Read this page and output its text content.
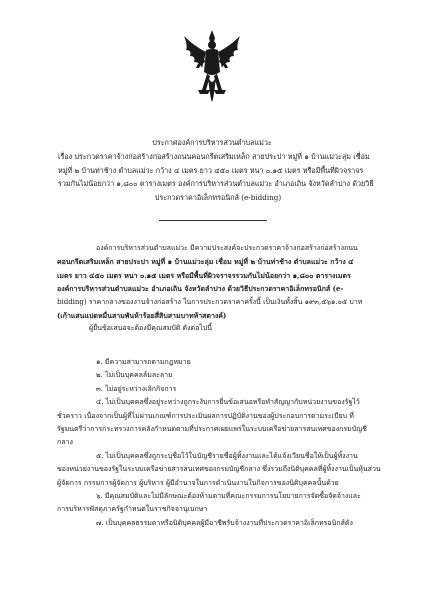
ประกาศองค์การบริหารส่วนตำบลแม่วะ
เรื่อง ประกวดราคาจ้างก่อสร้างก่อสร้างถนนคอนกรีตเสริมเหล็ก สายประปา หมู่ที่ ๑ บ้านแม่วะลุ่ม เชื่อม
หมู่ที่ ๒ บ้านท่าช้าง ตำบลแม่วะ กว้าง ๔ เมตร ยาว ๔๕๐ เมตร หนา ๐.๑๕ เมตร หรือมีพื้นที่ผิวจราจร
รวมกันไม่น้อยกว่า ๑,๘๐๐ ตารางเมตร องค์การบริหารส่วนตำบลแม่วะ อำเภอเถิน จังหวัดลำปาง ด้วยวิธี
ประกวดราคาอิเล็กทรอนิกส์ (e-bidding)
องค์การบริหารส่วนตำบลแม่วะ มีความประสงค์จะประกวดราคาจ้างก่อสร้างก่อสร้างถนน
คอนกรีตเสริมเหล็ก สายประปา หมู่ที่ ๑ บ้านแม่วะลุ่ม เชื่อม หมู่ที่ ๒ บ้านท่าช้าง ตำบลแม่วะ กว้าง ๔
เมตร ยาว ๔๕๐ เมตร หนา ๐.๑๕ เมตร หรือมีพื้นที่ผิวจราจรรวมกันไม่น้อยกว่า ๑,๘๐๐ ตารางเมตร
องค์การบริหารส่วนตำบลแม่วะ อำเภอเถิน จังหวัดลำปาง ด้วยวิธีประกวดราคาอิเล็กทรอนิกส์ (e-
bidding) ราคากลางของงานจ้างก่อสร้าง ในการประกวดราคาครั้งนี้ เป็นเงินทั้งสิ้น ๑๙๓,๕๖๑.๐๕ บาท
(เก้าแสนแปดหมื่นสามพันห้าร้อยสี่สิบสามบาทห้าสตางค์)
ผู้ยื่นข้อเสนอจะต้องมีคุณสมบัติ ดังต่อไปนี้
๑. มีความสามารถตามกฎหมาย
๒. ไม่เป็นบุคคลล้มละลาย
๓. ไม่อยู่ระหว่างเลิกกิจการ
๔. ไม่เป็นบุคคลซึ่งอยู่ระหว่างถูกระงับการยื่นข้อเสนอหรือทำสัญญากับหน่วยงานของรัฐไว้
ชั่วคราว เนื่องจากเป็นผู้ที่ไม่ผ่านเกณฑ์การประเมินผลการปฏิบัติงานของผู้ประกอบการตามระเบียบ ที่
รัฐมนตรีว่าการกระทรวงการคลังกำหนดตามที่ประกาศเผยแพร่ในระบบเครือข่ายสารสนเทศของกรมบัญชี
กลาง
๕. ไม่เป็นบุคคลซึ่งถูกระบุชื่อไว้ในบัญชีรายชื่อผู้ทิ้งงานและได้แจ้งเวียนชื่อให้เป็นผู้ทิ้งงาน
ของหน่วยงานของรัฐในระบบเครือข่ายสารสนเทศของกรมบัญชีกลาง ซึ่งรวมถึงนิติบุคคลที่ผู้ทิ้งงานเป็นหุ้นส่วน
ผู้จัดการ กรรมการผู้จัดการ ผู้บริหาร ผู้มีอำนาจในการดำเนินงานในกิจการของนิติบุคคลนั้นด้วย
๖. มีคุณสมบัติและไม่มีลักษณะต้องห้ามตามที่คณะกรรมการนโยบายการจัดซื้อจัดจ้างและ
การบริหารพัสดุภาครัฐกำหนดในราชกิจจานุเบกษา
๗. เป็นบุคคลธรรมดาหรือนิติบุคคลผู้มีอาชีพรับจ้างงานที่ประกวดราคาอิเล็กทรอนิกส์ดัง
